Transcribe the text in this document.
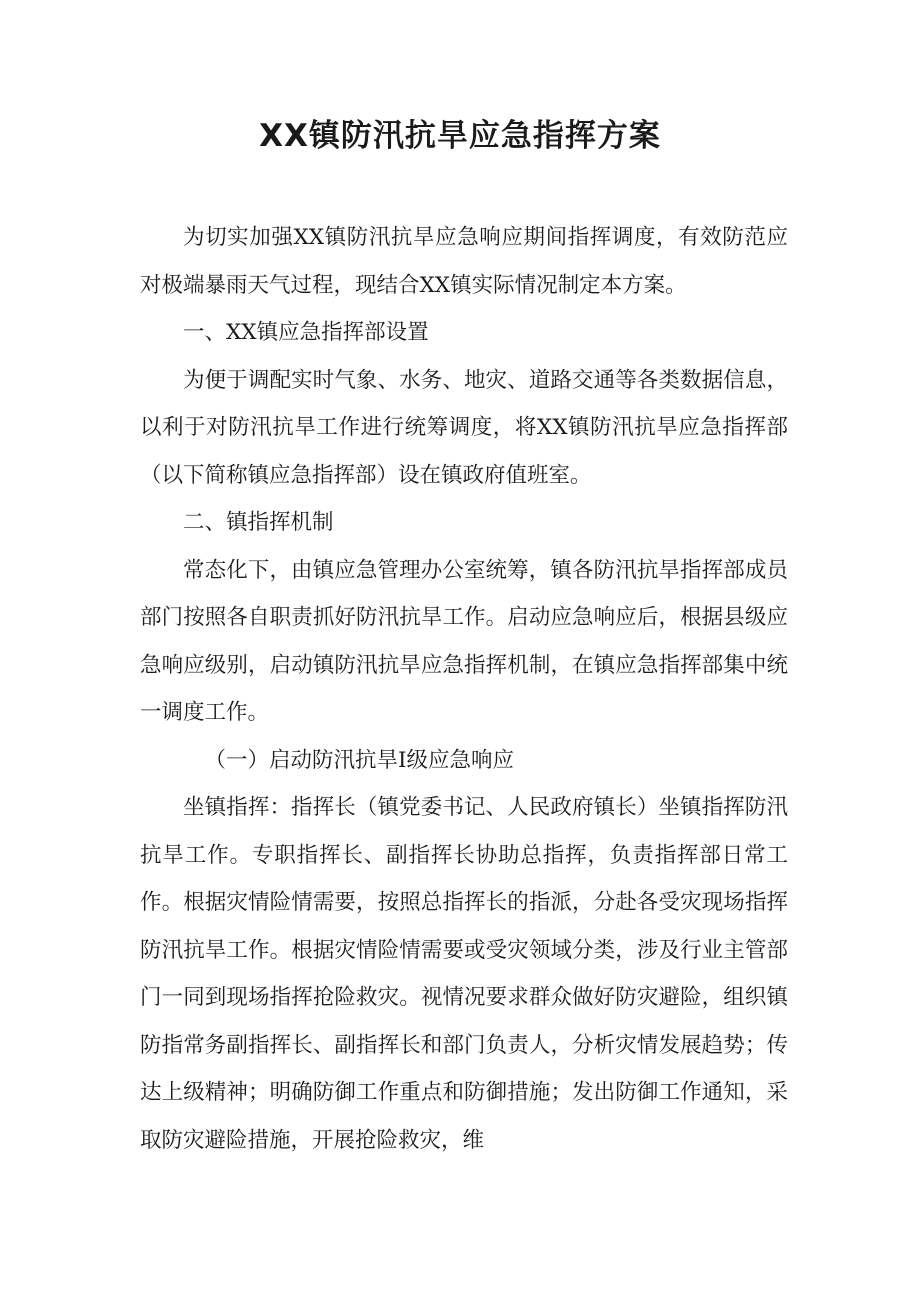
XX镇防汛抗旱应急指挥方案

为切实加强XX镇防汛抗旱应急响应期间指挥调度，有效防范应对极端暴雨天气过程，现结合XX镇实际情况制定本方案。

一、XX镇应急指挥部设置

为便于调配实时气象、水务、地灾、道路交通等各类数据信息，以利于对防汛抗旱工作进行统筹调度，将XX镇防汛抗旱应急指挥部（以下简称镇应急指挥部）设在镇政府值班室。

二、镇指挥机制

常态化下，由镇应急管理办公室统筹，镇各防汛抗旱指挥部成员部门按照各自职责抓好防汛抗旱工作。启动应急响应后，根据县级应急响应级别，启动镇防汛抗旱应急指挥机制，在镇应急指挥部集中统一调度工作。

（一）启动防汛抗旱Ⅰ级应急响应

坐镇指挥：指挥长（镇党委书记、人民政府镇长）坐镇指挥防汛抗旱工作。专职指挥长、副指挥长协助总指挥，负责指挥部日常工作。根据灾情险情需要，按照总指挥长的指派，分赴各受灾现场指挥防汛抗旱工作。根据灾情险情需要或受灾领域分类，涉及行业主管部门一同到现场指挥抢险救灾。视情况要求群众做好防灾避险，组织镇防指常务副指挥长、副指挥长和部门负责人，分析灾情发展趋势；传达上级精神；明确防御工作重点和防御措施；发出防御工作通知，采取防灾避险措施，开展抢险救灾，维
